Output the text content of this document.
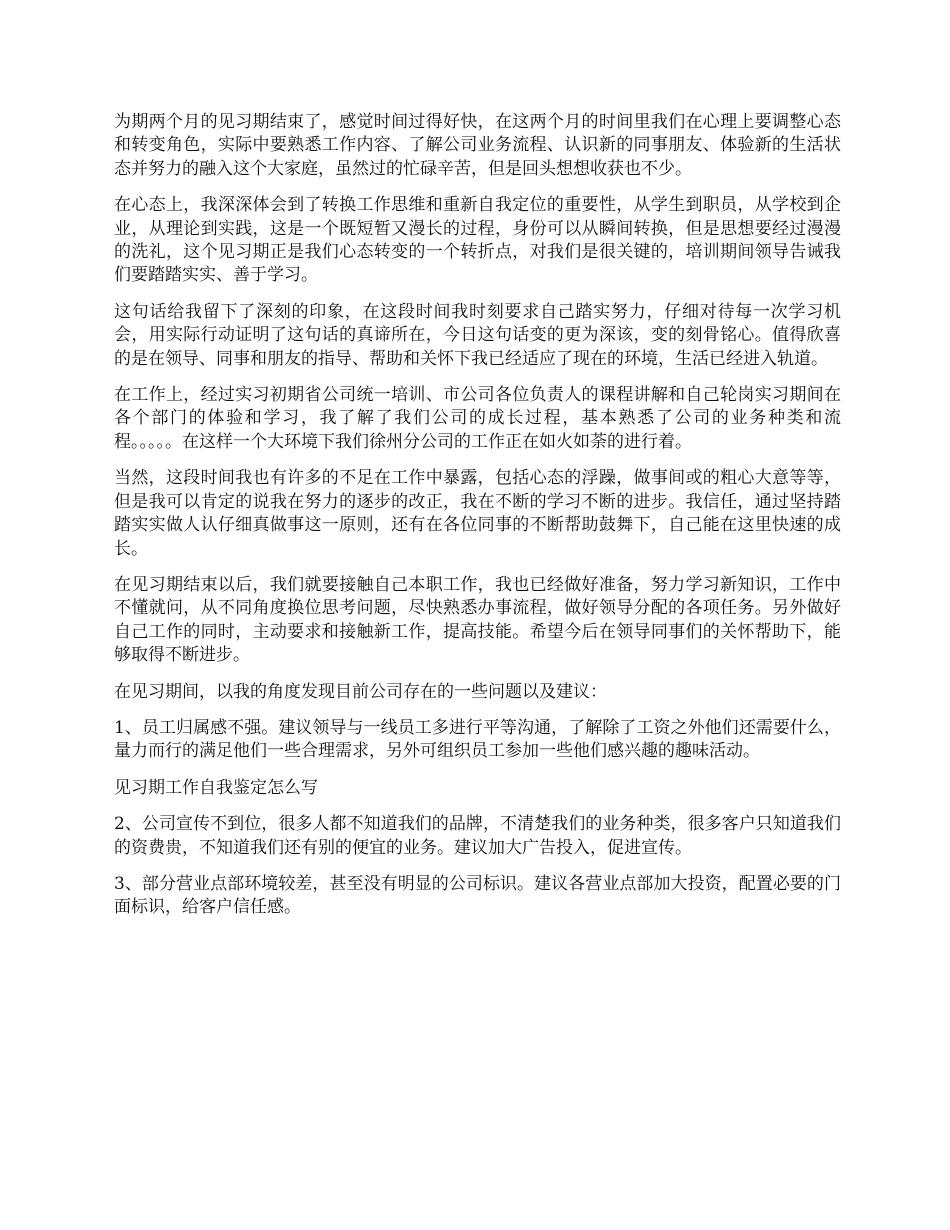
为期两个月的见习期结束了，感觉时间过得好快，在这两个月的时间里我们在心理上要调整心态和转变角色，实际中要熟悉工作内容、了解公司业务流程、认识新的同事朋友、体验新的生活状态并努力的融入这个大家庭，虽然过的忙碌辛苦，但是回头想想收获也不少。

在心态上，我深深体会到了转换工作思维和重新自我定位的重要性，从学生到职员，从学校到企业，从理论到实践，这是一个既短暂又漫长的过程，身份可以从瞬间转换，但是思想要经过漫漫的洗礼，这个见习期正是我们心态转变的一个转折点，对我们是很关键的，培训期间领导告诫我们要踏踏实实、善于学习。

这句话给我留下了深刻的印象，在这段时间我时刻要求自己踏实努力，仔细对待每一次学习机会，用实际行动证明了这句话的真谛所在，今日这句话变的更为深该，变的刻骨铭心。值得欣喜的是在领导、同事和朋友的指导、帮助和关怀下我已经适应了现在的环境，生活已经进入轨道。

在工作上，经过实习初期省公司统一培训、市公司各位负责人的课程讲解和自己轮岗实习期间在各个部门的体验和学习，我了解了我们公司的成长过程，基本熟悉了公司的业务种类和流程。。。。。在这样一个大环境下我们徐州分公司的工作正在如火如荼的进行着。

当然，这段时间我也有许多的不足在工作中暴露，包括心态的浮躁，做事间或的粗心大意等等，但是我可以肯定的说我在努力的逐步的改正，我在不断的学习不断的进步。我信任，通过坚持踏踏实实做人认仔细真做事这一原则，还有在各位同事的不断帮助鼓舞下，自己能在这里快速的成长。

在见习期结束以后，我们就要接触自己本职工作，我也已经做好准备，努力学习新知识，工作中不懂就问，从不同角度换位思考问题，尽快熟悉办事流程，做好领导分配的各项任务。另外做好自己工作的同时，主动要求和接触新工作，提高技能。希望今后在领导同事们的关怀帮助下，能够取得不断进步。

在见习期间，以我的角度发现目前公司存在的一些问题以及建议：

1、员工归属感不强。建议领导与一线员工多进行平等沟通，了解除了工资之外他们还需要什么，量力而行的满足他们一些合理需求，另外可组织员工参加一些他们感兴趣的趣味活动。

见习期工作自我鉴定怎么写

2、公司宣传不到位，很多人都不知道我们的品牌，不清楚我们的业务种类，很多客户只知道我们的资费贵，不知道我们还有别的便宜的业务。建议加大广告投入，促进宣传。

3、部分营业点部环境较差，甚至没有明显的公司标识。建议各营业点部加大投资，配置必要的门面标识，给客户信任感。
